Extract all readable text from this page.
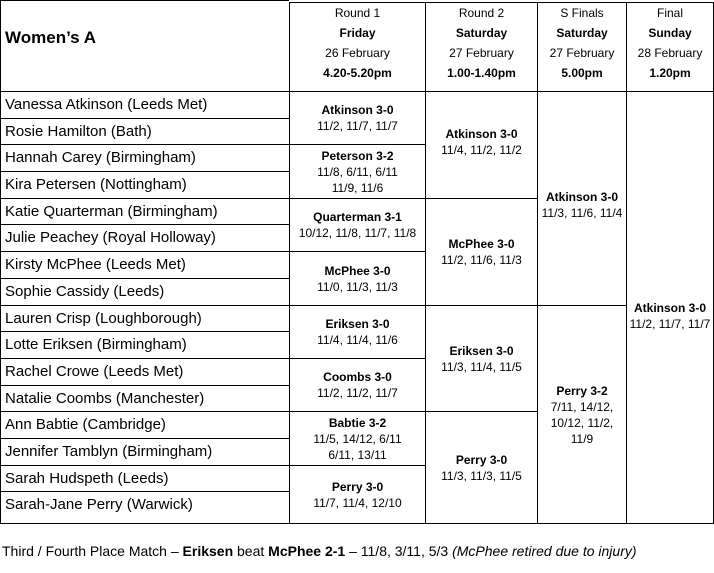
Women’s A
Round 1
Friday
26 February
4.20-5.20pm
Round 2
Saturday
27 February
1.00-1.40pm
S Finals
Saturday
27 February
5.00pm
Final
Sunday
28 February
1.20pm
Vanessa Atkinson (Leeds Met)
Rosie Hamilton (Bath)
Hannah Carey (Birmingham)
Kira Petersen (Nottingham)
Katie Quarterman (Birmingham)
Julie Peachey (Royal Holloway)
Kirsty McPhee (Leeds Met)
Sophie Cassidy (Leeds)
Lauren Crisp (Loughborough)
Lotte Eriksen (Birmingham)
Rachel Crowe (Leeds Met)
Natalie Coombs (Manchester)
Ann Babtie (Cambridge)
Jennifer Tamblyn (Birmingham)
Sarah Hudspeth (Leeds)
Sarah-Jane Perry (Warwick)
Atkinson 3-0
11/2, 11/7, 11/7
Peterson 3-2
11/8, 6/11, 6/11
11/9, 11/6
Quarterman 3-1
10/12, 11/8, 11/7, 11/8
McPhee 3-0
11/0, 11/3, 11/3
Eriksen 3-0
11/4, 11/4, 11/6
Coombs 3-0
11/2, 11/2, 11/7
Babtie 3-2
11/5, 14/12, 6/11
6/11, 13/11
Perry 3-0
11/7, 11/4, 12/10
Atkinson 3-0
11/4, 11/2, 11/2
McPhee 3-0
11/2, 11/6, 11/3
Eriksen 3-0
11/3, 11/4, 11/5
Perry 3-0
11/3, 11/3, 11/5
Atkinson 3-0
11/3, 11/6, 11/4
Perry 3-2
7/11, 14/12,
10/12, 11/2,
11/9
Atkinson 3-0
11/2, 11/7, 11/7
Third / Fourth Place Match – Eriksen beat McPhee 2-1 – 11/8, 3/11, 5/3 (McPhee retired due to injury)
